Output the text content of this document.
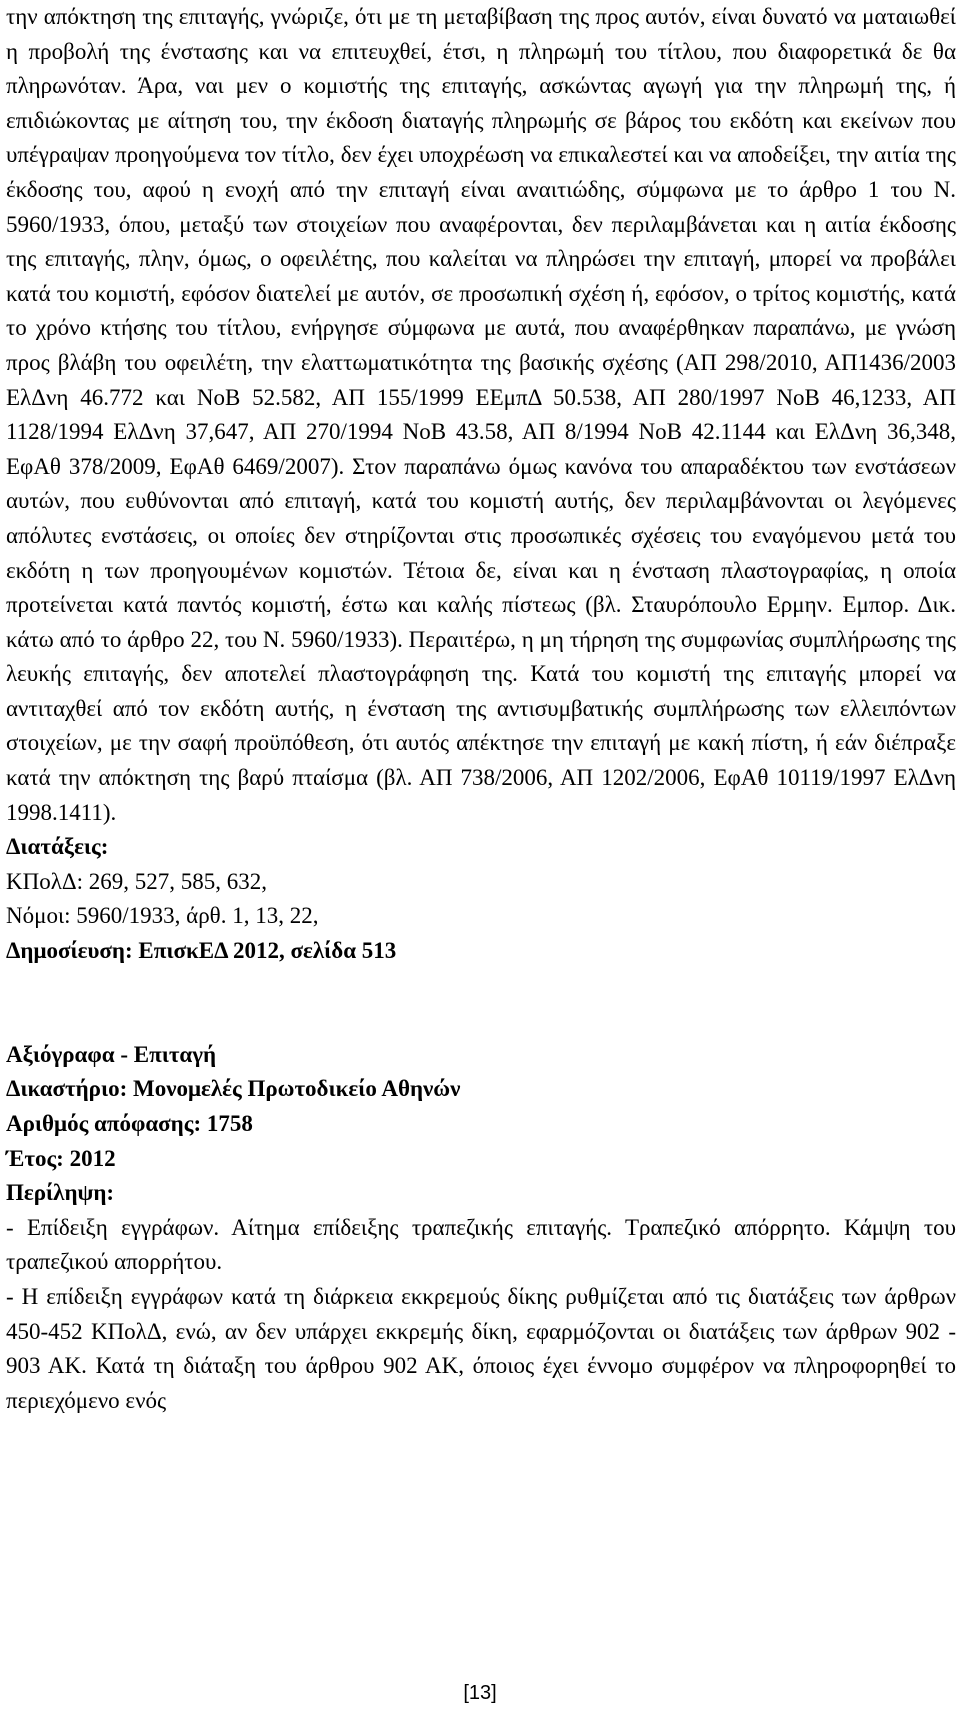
την απόκτηση της επιταγής, γνώριζε, ότι με τη μεταβίβαση της προς αυτόν, είναι δυνατό να ματαιωθεί η προβολή της ένστασης και να επιτευχθεί, έτσι, η πληρωμή του τίτλου, που διαφορετικά δε θα πληρωνόταν. Άρα, ναι μεν ο κομιστής της επιταγής, ασκώντας αγωγή για την πληρωμή της, ή επιδιώκοντας με αίτηση του, την έκδοση διαταγής πληρωμής σε βάρος του εκδότη και εκείνων που υπέγραψαν προηγούμενα τον τίτλο, δεν έχει υποχρέωση να επικαλεστεί και να αποδείξει, την αιτία της έκδοσης του, αφού η ενοχή από την επιταγή είναι αναιτιώδης, σύμφωνα με το άρθρο 1 του Ν. 5960/1933, όπου, μεταξύ των στοιχείων που αναφέρονται, δεν περιλαμβάνεται και η αιτία έκδοσης της επιταγής, πλην, όμως, ο οφειλέτης, που καλείται να πληρώσει την επιταγή, μπορεί να προβάλει κατά του κομιστή, εφόσον διατελεί με αυτόν, σε προσωπική σχέση ή, εφόσον, ο τρίτος κομιστής, κατά το χρόνο κτήσης του τίτλου, ενήργησε σύμφωνα με αυτά, που αναφέρθηκαν παραπάνω, με γνώση προς βλάβη του οφειλέτη, την ελαττωματικότητα της βασικής σχέσης (ΑΠ 298/2010, ΑΠ1436/2003 ΕλΔνη 46.772 και ΝοΒ 52.582, ΑΠ 155/1999 ΕΕμπΔ 50.538, ΑΠ 280/1997 ΝοΒ 46,1233, ΑΠ 1128/1994 ΕλΔνη 37,647, ΑΠ 270/1994 ΝοΒ 43.58, ΑΠ 8/1994 ΝοΒ 42.1144 και ΕλΔνη 36,348, ΕφΑθ 378/2009, ΕφΑθ 6469/2007). Στον παραπάνω όμως κανόνα του απαραδέκτου των ενστάσεων αυτών, που ευθύνονται από επιταγή, κατά του κομιστή αυτής, δεν περιλαμβάνονται οι λεγόμενες απόλυτες ενστάσεις, οι οποίες δεν στηρίζονται στις προσωπικές σχέσεις του εναγόμενου μετά του εκδότη η των προηγουμένων κομιστών. Τέτοια δε, είναι και η ένσταση πλαστογραφίας, η οποία προτείνεται κατά παντός κομιστή, έστω και καλής πίστεως (βλ. Σταυρόπουλο Ερμην. Εμπορ. Δικ. κάτω από το άρθρο 22, του Ν. 5960/1933). Περαιτέρω, η μη τήρηση της συμφωνίας συμπλήρωσης της λευκής επιταγής, δεν αποτελεί πλαστογράφηση της. Κατά του κομιστή της επιταγής μπορεί να αντιταχθεί από τον εκδότη αυτής, η ένσταση της αντισυμβατικής συμπλήρωσης των ελλειπόντων στοιχείων, με την σαφή προϋπόθεση, ότι αυτός απέκτησε την επιταγή με κακή πίστη, ή εάν διέπραξε κατά την απόκτηση της βαρύ πταίσμα (βλ. ΑΠ 738/2006, ΑΠ 1202/2006, ΕφΑθ 10119/1997 ΕλΔνη 1998.1411).

Διατάξεις:

ΚΠολΔ: 269, 527, 585, 632,

Νόμοι: 5960/1933, άρθ. 1, 13, 22,

Δημοσίευση: ΕπισκΕΔ 2012, σελίδα 513

Αξιόγραφα - Επιταγή

Δικαστήριο: Μονομελές Πρωτοδικείο Αθηνών

Αριθμός απόφασης: 1758

Έτος: 2012

Περίληψη:

- Επίδειξη εγγράφων. Αίτημα επίδειξης τραπεζικής επιταγής. Τραπεζικό απόρρητο. Κάμψη του τραπεζικού απορρήτου.

- Η επίδειξη εγγράφων κατά τη διάρκεια εκκρεμούς δίκης ρυθμίζεται από τις διατάξεις των άρθρων 450-452 ΚΠολΔ, ενώ, αν δεν υπάρχει εκκρεμής δίκη, εφαρμόζονται οι διατάξεις των άρθρων 902 - 903 ΑΚ. Κατά τη διάταξη του άρθρου 902 ΑΚ, όποιος έχει έννομο συμφέρον να πληροφορηθεί το περιεχόμενο ενός

[13]
